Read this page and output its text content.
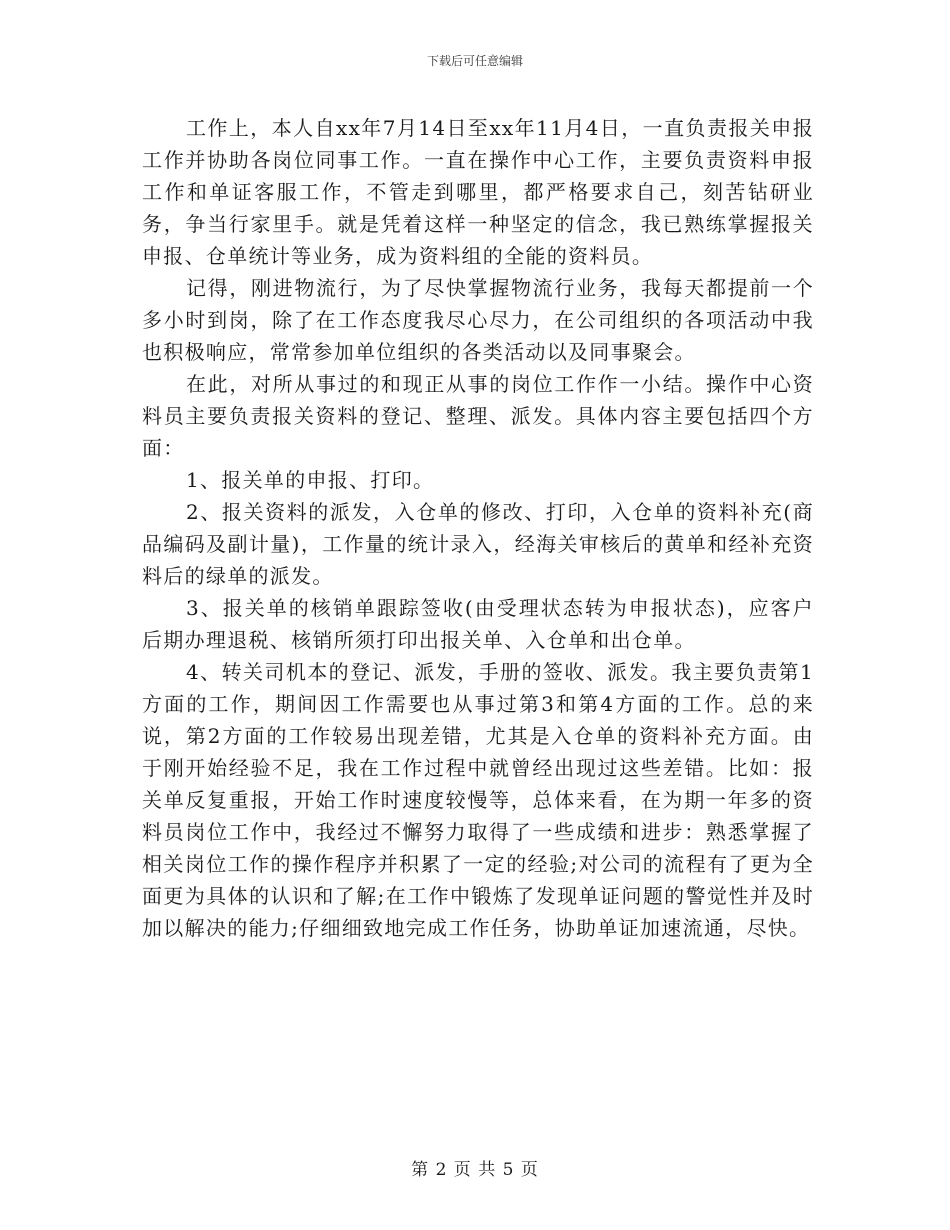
下载后可任意编辑

工作上，本人自xx年7月14日至xx年11月4日，一直负责报关申报工作并协助各岗位同事工作。一直在操作中心工作，主要负责资料申报工作和单证客服工作，不管走到哪里，都严格要求自己，刻苦钻研业务，争当行家里手。就是凭着这样一种坚定的信念，我已熟练掌握报关申报、仓单统计等业务，成为资料组的全能的资料员。

记得，刚进物流行，为了尽快掌握物流行业务，我每天都提前一个多小时到岗，除了在工作态度我尽心尽力，在公司组织的各项活动中我也积极响应，常常参加单位组织的各类活动以及同事聚会。

在此，对所从事过的和现正从事的岗位工作作一小结。操作中心资料员主要负责报关资料的登记、整理、派发。具体内容主要包括四个方面：

1、报关单的申报、打印。

2、报关资料的派发，入仓单的修改、打印，入仓单的资料补充(商品编码及副计量)，工作量的统计录入，经海关审核后的黄单和经补充资料后的绿单的派发。

3、报关单的核销单跟踪签收(由受理状态转为申报状态)，应客户后期办理退税、核销所须打印出报关单、入仓单和出仓单。

4、转关司机本的登记、派发，手册的签收、派发。我主要负责第1方面的工作，期间因工作需要也从事过第3和第4方面的工作。总的来说，第2方面的工作较易出现差错，尤其是入仓单的资料补充方面。由于刚开始经验不足，我在工作过程中就曾经出现过这些差错。比如：报关单反复重报，开始工作时速度较慢等，总体来看，在为期一年多的资料员岗位工作中，我经过不懈努力取得了一些成绩和进步：熟悉掌握了相关岗位工作的操作程序并积累了一定的经验;对公司的流程有了更为全面更为具体的认识和了解;在工作中锻炼了发现单证问题的警觉性并及时加以解决的能力;仔细细致地完成工作任务，协助单证加速流通，尽快。

第 2 页 共 5 页
